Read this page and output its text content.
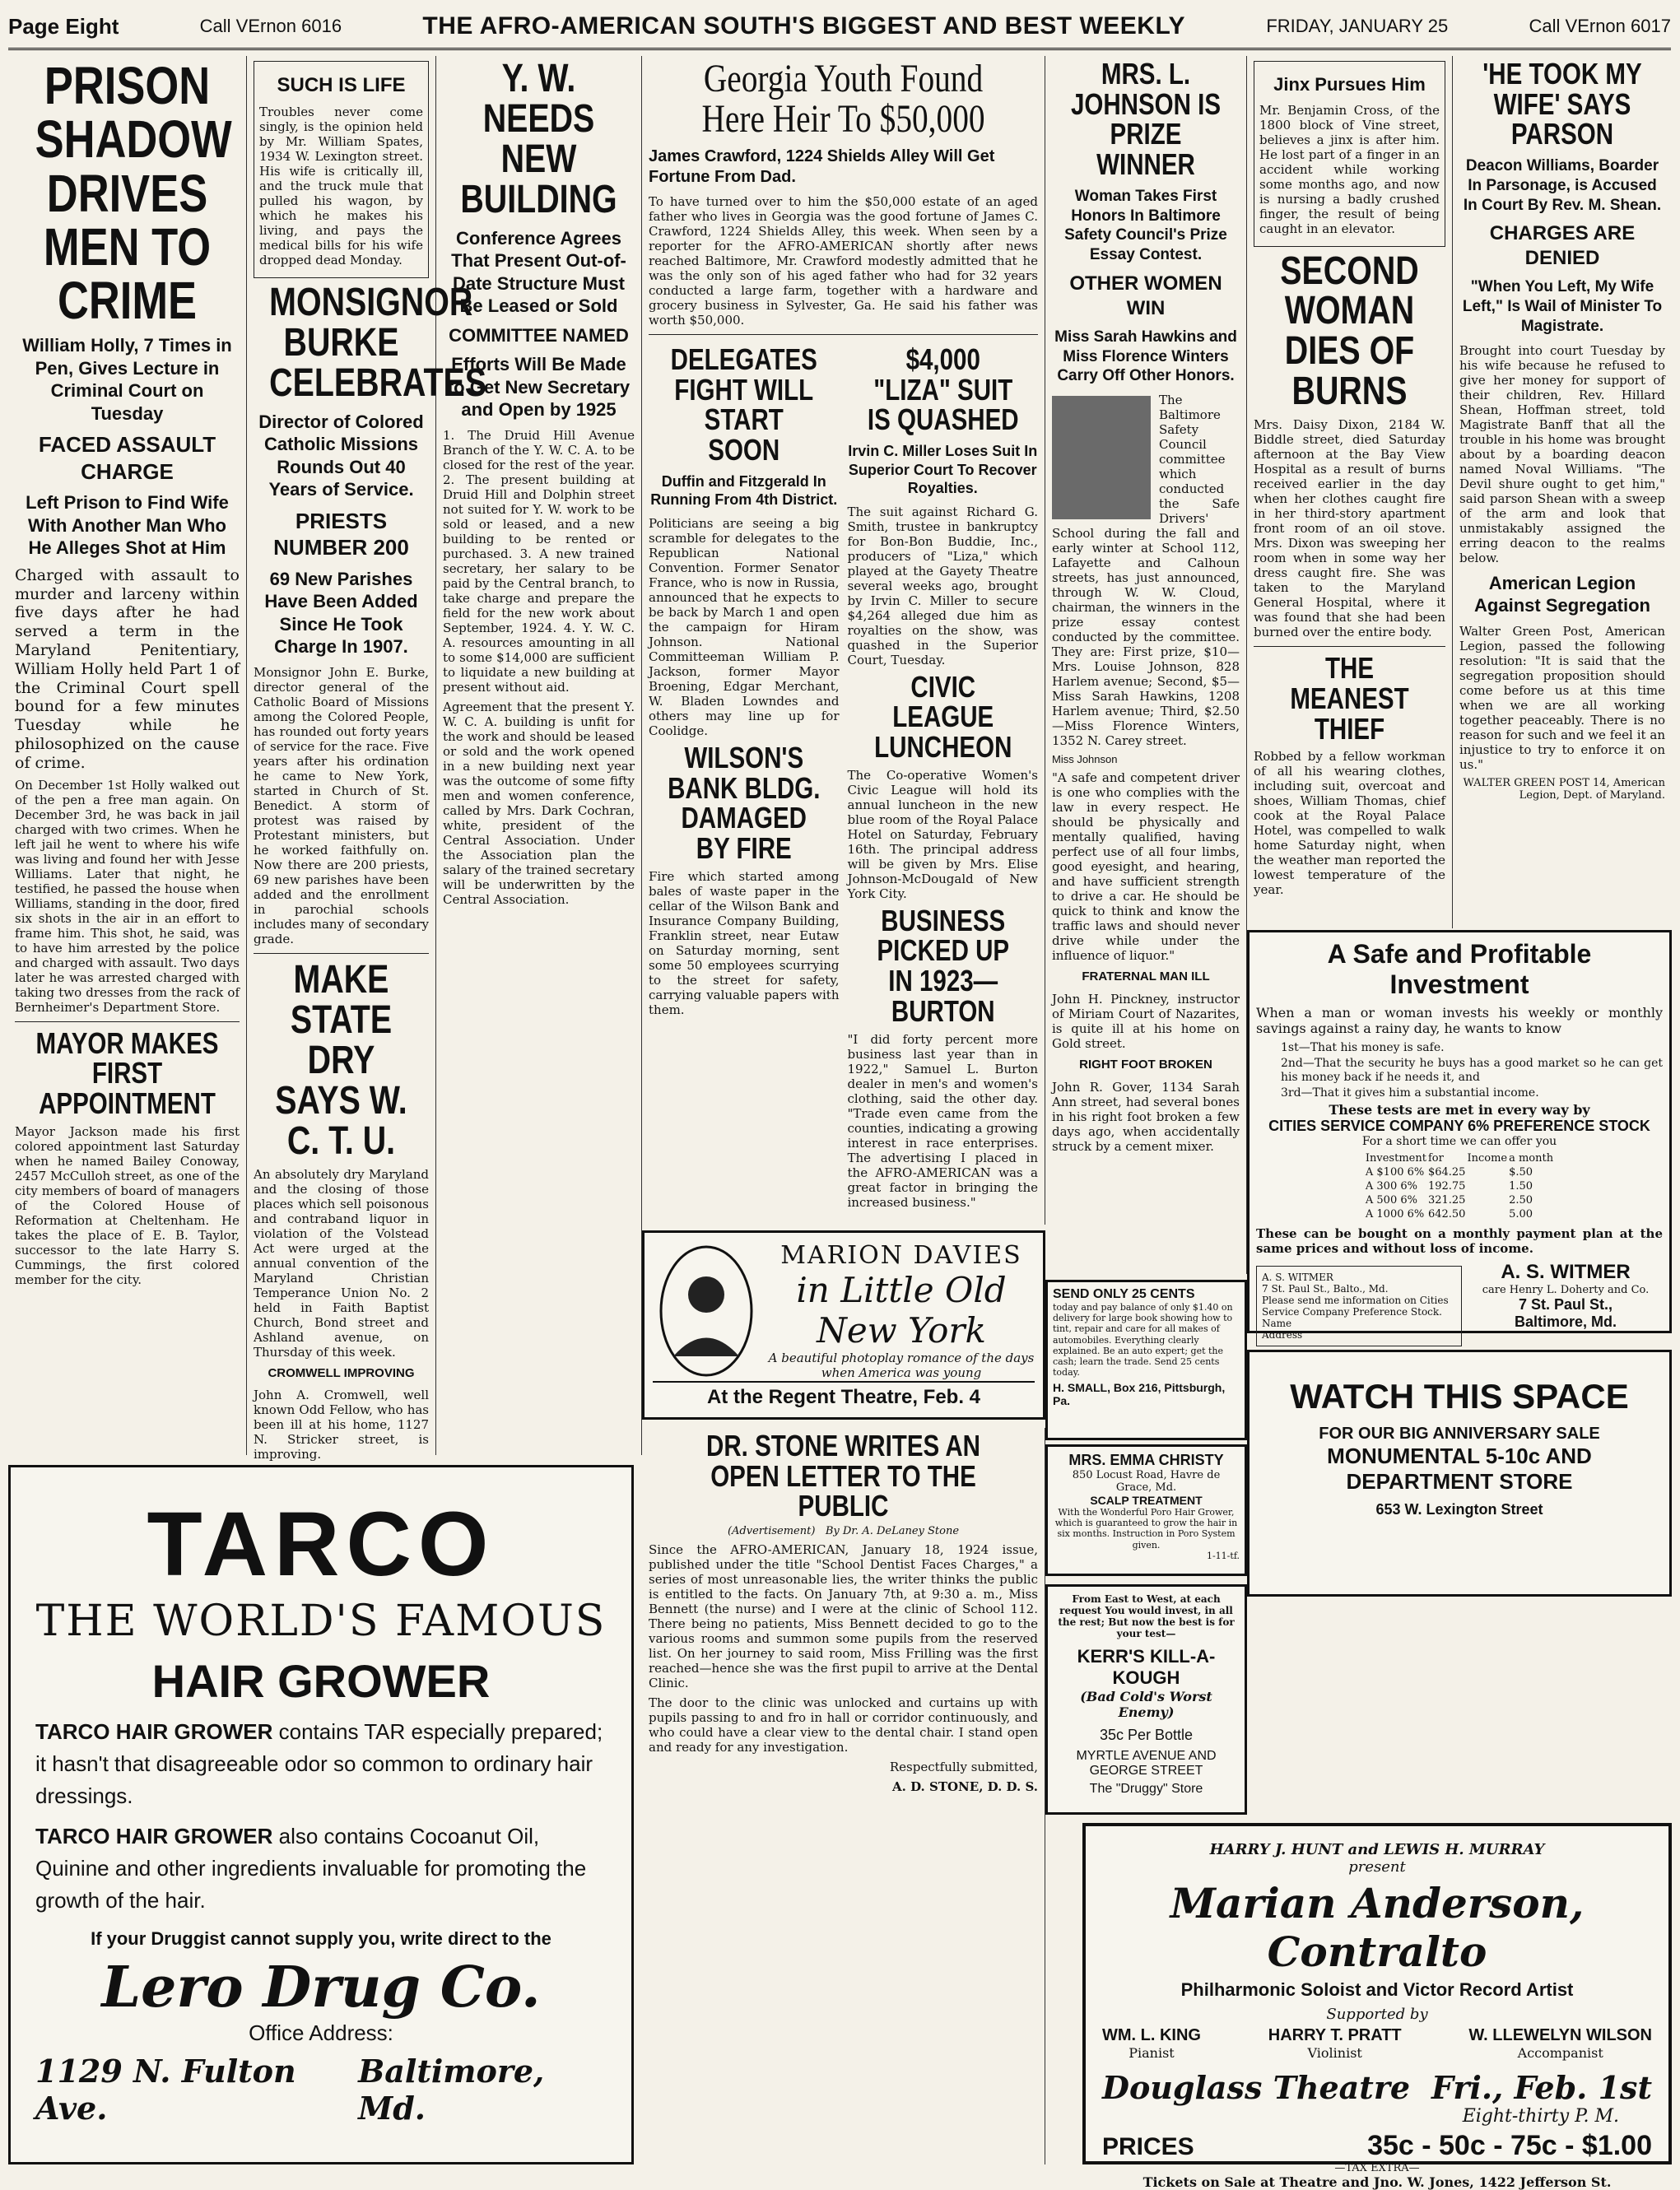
Page Eight	Call VErnon 6016	THE AFRO-AMERICAN SOUTH'S BIGGEST AND BEST WEEKLY	FRIDAY, JANUARY 25	Call VErnon 6017
PRISON SHADOW DRIVES MEN TO CRIME
William Holly, 7 Times in Pen, Gives Lecture in Criminal Court on Tuesday
FACED ASSAULT CHARGE
Left Prison to Find Wife With Another Man Who He Alleges Shot at Him
Charged with assault to murder and larceny within five days after he had served a term in the Maryland Penitentiary, William Holly held Part 1 of the Criminal Court spell bound for a few minutes Tuesday while he philosophized on the cause of crime.
On December 1st Holly walked out of the pen a free man again. On December 3rd, he was back in jail charged with two crimes. When he left jail he went to where his wife was living and found her with Jesse Williams. Later that night, he testified, he passed the house when Williams, standing in the door, fired six shots in the air in an effort to frame him. This shot, he said, was to have him arrested by the police and charged with assault. Two days later he was arrested charged with taking two dresses from the rack of Bernheimer's Department Store.
MAYOR MAKES FIRST APPOINTMENT
Mayor Jackson made his first colored appointment last Saturday when he named Bailey Conoway, 2457 McCulloh street, as one of the city members of board of managers of the Colored House of Reformation at Cheltenham. He takes the place of E. B. Taylor, successor to the late Harry S. Cummings, the first colored member for the city.
SUCH IS LIFE
Troubles never come singly, is the opinion held by Mr. William Spates, 1934 W. Lexington street. His wife is critically ill, and the truck mule that pulled his wagon, by which he makes his living, and pays the medical bills for his wife dropped dead Monday.
MONSIGNOR BURKE CELEBRATES
Director of Colored Catholic Missions Rounds Out 40 Years of Service.
PRIESTS NUMBER 200
69 New Parishes Have Been Added Since He Took Charge In 1907.
Monsignor John E. Burke, director general of the Catholic Board of Missions among the Colored People, has rounded out forty years of service for the race. Five years after his ordination he came to New York, started in Church of St. Benedict. A storm of protest was raised by Protestant ministers, but he worked faithfully on. Now there are 200 priests, 69 new parishes have been added and the enrollment in parochial schools includes many of secondary grade.
MAKE STATE DRY SAYS W. C. T. U.
An absolutely dry Maryland and the closing of those places which sell poisonous and contraband liquor in violation of the Volstead Act were urged at the annual convention of the Maryland Christian Temperance Union No. 2 held in Faith Baptist Church, Bond street and Ashland avenue, on Thursday of this week.
CROMWELL IMPROVING
John A. Cromwell, well known Odd Fellow, who has been ill at his home, 1127 N. Stricker street, is improving.
Y. W. NEEDS NEW BUILDING
Conference Agrees That Present Out-of-Date Structure Must Be Leased or Sold
COMMITTEE NAMED
Efforts Will Be Made to Get New Secretary and Open by 1925
1. The Druid Hill Avenue Branch of the Y. W. C. A. to be closed for the rest of the year. 2. The present building at Druid Hill and Dolphin street not suited for Y. W. work to be sold or leased, and a new building to be rented or purchased. 3. A new trained secretary, her salary to be paid by the Central branch, to take charge and prepare the field for the new work about September, 1924. 4. Y. W. C. A. resources amounting in all to some $14,000 are sufficient to liquidate a new building at present without aid.
Agreement that the present Y. W. C. A. building is unfit for the work and should be leased or sold and the work opened in a new building next year was the outcome of some fifty men and women conference, called by Mrs. Dark Cochran, white, president of the Central Association. Under the Association plan the salary of the trained secretary will be underwritten by the Central Association.
Georgia Youth Found Here Heir To $50,000
James Crawford, 1224 Shields Alley Will Get Fortune From Dad.
To have turned over to him the $50,000 estate of an aged father who lives in Georgia was the good fortune of James C. Crawford, 1224 Shields Alley, this week. When seen by a reporter for the AFRO-AMERICAN shortly after news reached Baltimore, Mr. Crawford modestly admitted that he was the only son of his aged father who had for 32 years conducted a large farm, together with a hardware and grocery business in Sylvester, Ga. He said his father was worth $50,000.
DELEGATES FIGHT WILL START SOON
Duffin and Fitzgerald In Running From 4th District.
Politicians are seeing a big scramble for delegates to the Republican National Convention. Former Senator France, who is now in Russia, announced that he expects to be back by March 1 and open the campaign for Hiram Johnson. National Committeeman William P. Jackson, former Mayor Broening, Edgar Merchant, W. Bladen Lowndes and others may line up for Coolidge.
WILSON'S BANK BLDG. DAMAGED BY FIRE
Fire which started among bales of waste paper in the cellar of the Wilson Bank and Insurance Company Building, Franklin street, near Eutaw on Saturday morning, sent some 50 employees scurrying to the street for safety, carrying valuable papers with them.
$4,000 "LIZA" SUIT IS QUASHED
Irvin C. Miller Loses Suit In Superior Court To Recover Royalties.
The suit against Richard G. Smith, trustee in bankruptcy for Bon-Bon Buddie, Inc., producers of "Liza," which played at the Gayety Theatre several weeks ago, brought by Irvin C. Miller to secure $4,264 alleged due him as royalties on the show, was quashed in the Superior Court, Tuesday.
CIVIC LEAGUE LUNCHEON
The Co-operative Women's Civic League will hold its annual luncheon in the new blue room of the Royal Palace Hotel on Saturday, February 16th. The principal address will be given by Mrs. Elise Johnson-McDougald of New York City.
BUSINESS PICKED UP IN 1923—BURTON
"I did forty percent more business last year than in 1922," Samuel L. Burton dealer in men's and women's clothing, said the other day. "Trade even came from the counties, indicating a growing interest in race enterprises. The advertising I placed in the AFRO-AMERICAN was a great factor in bringing the increased business."
MRS. L. JOHNSON IS PRIZE WINNER
Woman Takes First Honors In Baltimore Safety Council's Prize Essay Contest.
OTHER WOMEN WIN
Miss Sarah Hawkins and Miss Florence Winters Carry Off Other Honors.
The Baltimore Safety Council committee which conducted the Safe Drivers' School during the fall and early winter at School 112, Lafayette and Calhoun streets, has just announced, through W. W. Cloud, chairman, the winners in the prize essay contest conducted by the committee. They are: First prize, $10—Mrs. Louise Johnson, 828 Harlem avenue; Second, $5—Miss Sarah Hawkins, 1208 Harlem avenue; Third, $2.50—Miss Florence Winters, 1352 N. Carey street.
Miss Johnson
"A safe and competent driver is one who complies with the law in every respect. He should be physically and mentally qualified, having perfect use of all four limbs, good eyesight, and hearing, and have sufficient strength to drive a car. He should be quick to think and know the traffic laws and should never drive while under the influence of liquor."
FRATERNAL MAN ILL
John H. Pinckney, instructor of Miriam Court of Nazarites, is quite ill at his home on Gold street.
RIGHT FOOT BROKEN
John R. Gover, 1134 Sarah Ann street, had several bones in his right foot broken a few days ago, when accidentally struck by a cement mixer.
Jinx Pursues Him
Mr. Benjamin Cross, of the 1800 block of Vine street, believes a jinx is after him. He lost part of a finger in an accident while working some months ago, and now is nursing a badly crushed finger, the result of being caught in an elevator.
SECOND WOMAN DIES OF BURNS
Mrs. Daisy Dixon, 2184 W. Biddle street, died Saturday afternoon at the Bay View Hospital as a result of burns received earlier in the day when her clothes caught fire in her third-story apartment front room of an oil stove. Mrs. Dixon was sweeping her room when in some way her dress caught fire. She was taken to the Maryland General Hospital, where it was found that she had been burned over the entire body.
THE MEANEST THIEF
Robbed by a fellow workman of all his wearing clothes, including suit, overcoat and shoes, William Thomas, chief cook at the Royal Palace Hotel, was compelled to walk home Saturday night, when the weather man reported the lowest temperature of the year.
'HE TOOK MY WIFE' SAYS PARSON
Deacon Williams, Boarder In Parsonage, is Accused In Court By Rev. M. Shean.
CHARGES ARE DENIED
"When You Left, My Wife Left," Is Wail of Minister To Magistrate.
Brought into court Tuesday by his wife because he refused to give her money for support of their children, Rev. Hillard Shean, Hoffman street, told Magistrate Banff that all the trouble in his home was brought about by a boarding deacon named Noval Williams. "The Devil shure ought to get him," said parson Shean with a sweep of the arm and look that unmistakably assigned the erring deacon to the realms below.
American Legion Against Segregation
Walter Green Post, American Legion, passed the following resolution: "It is said that the segregation proposition should come before us at this time when we are all working together peaceably. There is no reason for such and we feel it an injustice to try to enforce it on us."
WALTER GREEN POST 14, American Legion, Dept. of Maryland.
A Safe and Profitable Investment
When a man or woman invests his weekly or monthly savings against a rainy day, he wants to know
1st—That his money is safe.
2nd—That the security he buys has a good market so he can get his money back if he needs it, and
3rd—That it gives him a substantial income.
These tests are met in every way by
CITIES SERVICE COMPANY 6% PREFERENCE STOCK
For a short time we can offer you
Investment	for	Income	a month
A $100 6%	$64.25		$.50
A 300 6%	192.75		1.50
A 500 6%	321.25		2.50
A 1000 6%	642.50		5.00
These can be bought on a monthly payment plan at the same prices and without loss of income.
A. S. WITMER
7 St. Paul St., Balto., Md.
Please send me information on Cities Service Company Preference Stock.
Name
Address
A. S. WITMER
care Henry L. Doherty and Co.
7 St. Paul St.,
Baltimore, Md.
WATCH THIS SPACE
FOR OUR BIG ANNIVERSARY SALE
MONUMENTAL 5-10c AND
DEPARTMENT STORE
653 W. Lexington Street
TARCO
THE WORLD'S FAMOUS
HAIR GROWER
TARCO HAIR GROWER contains TAR especially prepared; it hasn't that disagreeable odor so common to ordinary hair dressings.
TARCO HAIR GROWER also contains Cocoanut Oil, Quinine and other ingredients invaluable for promoting the growth of the hair.
If your Druggist cannot supply you, write direct to the
Lero Drug Co.
Office Address:
1129 N. Fulton Ave.
Baltimore, Md.
MARION DAVIES
in Little Old New York
A beautiful photoplay romance of the days when America was young
At the Regent Theatre, Feb. 4
DR. STONE WRITES AN OPEN LETTER TO THE PUBLIC
(Advertisement) By Dr. A. DeLaney Stone
Since the AFRO-AMERICAN, January 18, 1924 issue, published under the title "School Dentist Faces Charges," a series of most unreasonable lies, the writer thinks the public is entitled to the facts. On January 7th, at 9:30 a. m., Miss Bennett (the nurse) and I were at the clinic of School 112. There being no patients, Miss Bennett decided to go to the various rooms and summon some pupils from the reserved list. On her journey to said room, Miss Frilling was the first reached—hence she was the first pupil to arrive at the Dental Clinic.
The door to the clinic was unlocked and curtains up with pupils passing to and fro in hall or corridor continuously, and who could have a clear view to the dental chair. I stand open and ready for any investigation.
Respectfully submitted,
A. D. STONE, D. D. S.
SEND ONLY 25 CENTS
today and pay balance of only $1.40 on delivery for large book showing how to tint, repair and care for all makes of automobiles. Everything clearly explained. Be an auto expert; get the cash; learn the trade. Send 25 cents today.
H. SMALL, Box 216, Pittsburgh, Pa.
MRS. EMMA CHRISTY
850 Locust Road, Havre de Grace, Md.
SCALP TREATMENT
With the Wonderful Poro Hair Grower, which is guaranteed to grow the hair in six months. Instruction in Poro System given.
1-11-tf.
From East to West, at each request You would invest, in all the rest; But now the best is for your test—
KERR'S KILL-A-KOUGH
(Bad Cold's Worst Enemy)
35c Per Bottle
MYRTLE AVENUE AND
GEORGE STREET
The "Druggy" Store
HARRY J. HUNT and LEWIS H. MURRAY
present
Marian Anderson, Contralto
Philharmonic Soloist and Victor Record Artist
Supported by
WM. L. KING
Pianist
HARRY T. PRATT
Violinist
W. LLEWELYN WILSON
Accompanist
Douglass Theatre Fri., Feb. 1st
Eight-thirty P. M.
PRICES	35c - 50c - 75c - $1.00
—TAX EXTRA—
Tickets on Sale at Theatre and Jno. W. Jones, 1422 Jefferson St.
